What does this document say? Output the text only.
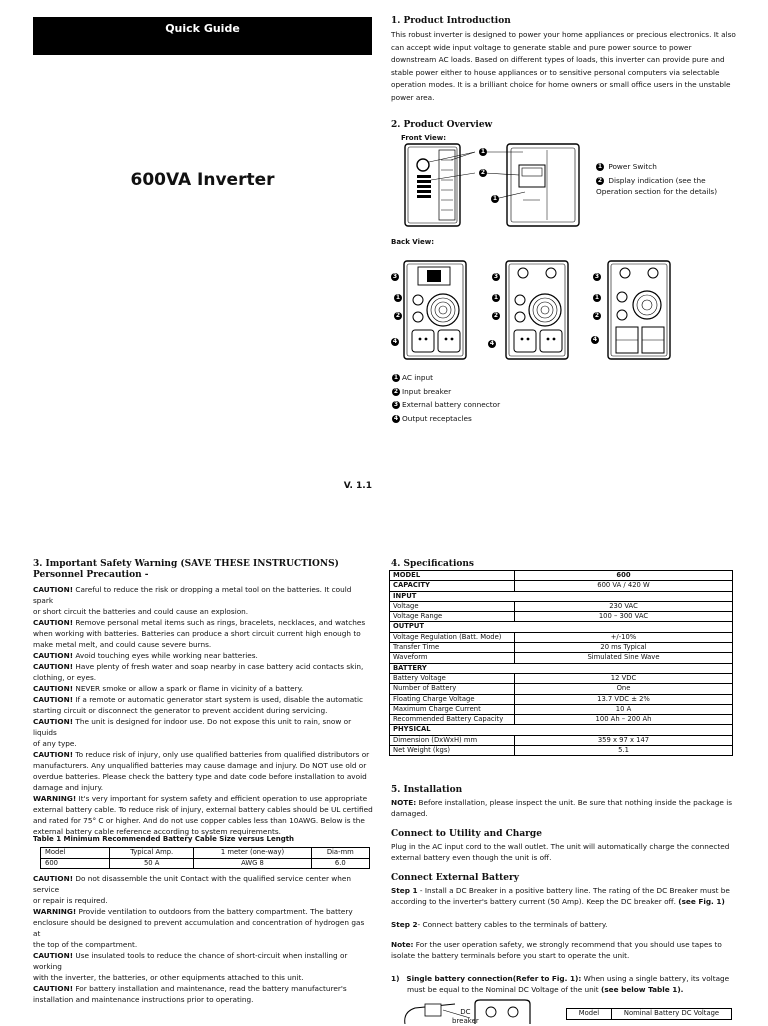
Quick Guide
600VA Inverter
V. 1.1
1. Product Introduction
This robust inverter is designed to power your home appliances or precious electronics. It also
can accept wide input voltage to generate stable and pure power source to power
downstream AC loads. Based on different types of loads, this inverter can provide pure and
stable power either to house appliances or to sensitive personal computers via selectable
operation modes. It is a brilliant choice for home owners or small office users in the unstable
power area.
2. Product Overview
Front View:
1
2
1
1 Power Switch
2 Display indication (see the
Operation section for the details)
Back View:
3
1
2
4
3
1
2
4
3
1
2
4
1 AC input
2 Input breaker
3 External battery connector
4 Output receptacles
3. Important Safety Warning (SAVE THESE INSTRUCTIONS)
Personnel Precaution -
CAUTION! Careful to reduce the risk or dropping a metal tool on the batteries. It could spark
or short circuit the batteries and could cause an explosion.
CAUTION! Remove personal metal items such as rings, bracelets, necklaces, and watches
when working with batteries. Batteries can produce a short circuit current high enough to
make metal melt, and could cause severe burns.
CAUTION! Avoid touching eyes while working near batteries.
CAUTION! Have plenty of fresh water and soap nearby in case battery acid contacts skin,
clothing, or eyes.
CAUTION! NEVER smoke or allow a spark or flame in vicinity of a battery.
CAUTION! If a remote or automatic generator start system is used, disable the automatic
starting circuit or disconnect the generator to prevent accident during servicing.
CAUTION! The unit is designed for indoor use. Do not expose this unit to rain, snow or liquids
of any type.
CAUTION! To reduce risk of injury, only use qualified batteries from qualified distributors or
manufacturers. Any unqualified batteries may cause damage and injury. Do NOT use old or
overdue batteries. Please check the battery type and date code before installation to avoid
damage and injury.
WARNING! It's very important for system safety and efficient operation to use appropriate
external battery cable. To reduce risk of injury, external battery cables should be UL certified
and rated for 75° C or higher. And do not use copper cables less than 10AWG. Below is the
external battery cable reference according to system requirements.
Table 1 Minimum Recommended Battery Cable Size versus Length
Model	Typical Amp.	1 meter (one-way)	Dia-mm
600	50 A	AWG 8	6.0
CAUTION! Do not disassemble the unit Contact with the qualified service center when service
or repair is required.
WARNING! Provide ventilation to outdoors from the battery compartment. The battery
enclosure should be designed to prevent accumulation and concentration of hydrogen gas at
the top of the compartment.
CAUTION! Use insulated tools to reduce the chance of short-circuit when installing or working
with the inverter, the batteries, or other equipments attached to this unit.
CAUTION! For battery installation and maintenance, read the battery manufacturer's
installation and maintenance instructions prior to operating.
4. Specifications
MODEL	600
CAPACITY	600 VA / 420 W
INPUT	
Voltage	230 VAC
Voltage Range	100 – 300 VAC
OUTPUT	
Voltage Regulation (Batt. Mode)	+/-10%
Transfer Time	20 ms Typical
Waveform	Simulated Sine Wave
BATTERY	
Battery Voltage	12 VDC
Number of Battery	One
Floating Charge Voltage	13.7 VDC ± 2%
Maximum Charge Current	10 A
Recommended Battery Capacity	100 Ah – 200 Ah
PHYSICAL	
Dimension (DxWxH) mm	359 x 97 x 147
Net Weight (kgs)	5.1
5. Installation
NOTE: Before installation, please inspect the unit. Be sure that nothing inside the package is
damaged.
Connect to Utility and Charge
Plug in the AC input cord to the wall outlet. The unit will automatically charge the connected
external battery even though the unit is off.
Connect External Battery
Step 1 - Install a DC Breaker in a positive battery line. The rating of the DC Breaker must be
according to the inverter's battery current (50 Amp). Keep the DC breaker off. (see Fig. 1)
Step 2- Connect battery cables to the terminals of battery.
Note: For the user operation safety, we strongly recommend that you should use tapes to
isolate the battery terminals before you start to operate the unit.
1) Single battery connection(Refer to Fig. 1): When using a single battery, its voltage
must be equal to the Nominal DC Voltage of the unit (see below Table 1).
DC
breaker
Model	Nominal Battery DC Voltage
